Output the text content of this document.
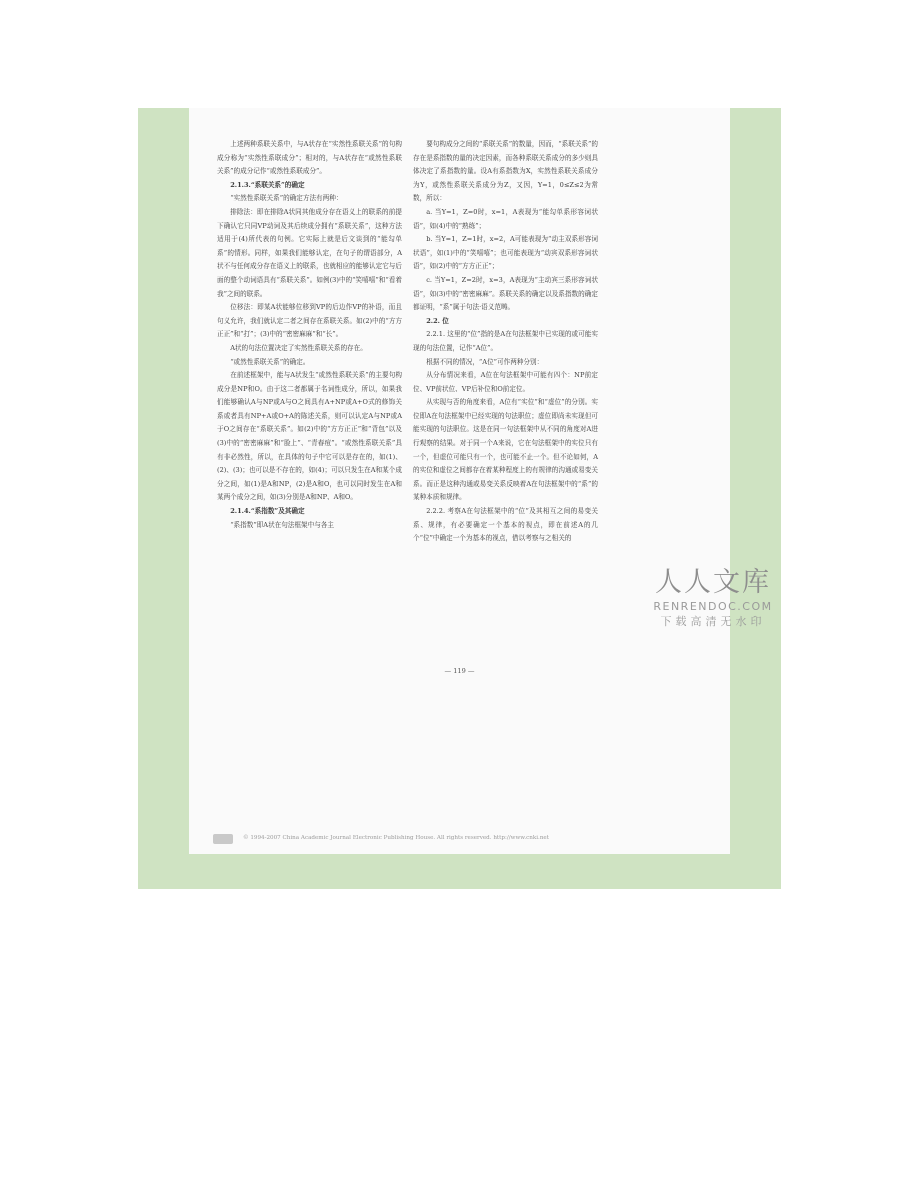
上述两种系联关系中，与A状存在“实然性系联关系”的句构成分称为“实然性系联成分”；相对的，与A状存在“或然性系联关系”的成分记作“或然性系联成分”。

2.1.3.“系联关系”的确定

“实然性系联关系”的确定方法有两种：

排除法：即在排除A状同其他成分存在语义上的联系的前提下确认它只同VP动词及其后续成分拥有“系联关系”，这种方法适用于(4)所代表的句例。它实际上就是后文谈到的“能勾单系”的情形。同样，如果我们能够认定，在句子的谓语部分，A状不与任何成分存在语义上的联系，也就相应的能够认定它与后面的整个动词语具有“系联关系”。如例(3)中的“笑嘻嘻”和“看着我”之间的联系。

位移法：即某A状能够位移到VP的后边作VP的补语，而且句义允许，我们就认定二者之间存在系联关系。如(2)中的“方方正正”和“打”；(3)中的“密密麻麻”和“长”。

A状的句法位置决定了实然性系联关系的存在。

“或然性系联关系”的确定。

在前述框架中，能与A状发生“或然性系联关系”的主要句构成分是NP和O。由于这二者都属于名词性成分，所以，如果我们能够确认A与NP或A与O之间具有A+NP或A+O式的修饰关系或者具有NP+A或O+A的陈述关系，则可以认定A与NP或A于O之间存在“系联关系”。如(2)中的“方方正正”和“背包”以及(3)中的“密密麻麻”和“脸上”、“青春痘”。“或然性系联关系”具有非必然性，所以，在具体的句子中它可以是存在的，如(1)、(2)、(3)；也可以是不存在的，如(4)；可以只发生在A和某个成分之间，如(1)是A和NP，(2)是A和O，也可以同时发生在A和某两个成分之间，如(3)分别是A和NP、A和O。

2.1.4.“系指数”及其确定

“系指数”即A状在句法框架中与各主

要句构成分之间的“系联关系”的数量，因而，“系联关系”的存在是系指数的量的决定因素，而各种系联关系成分的多少则具体决定了系指数的量。设A有系指数为X，实然性系联关系成分为Y，或然性系联关系成分为Z，又因，Y=1，0≤Z≤2为常数，所以：

a. 当Y=1，Z=0时，x=1，A表现为“能勾单系形容词状语”，如(4)中的“熟练”；

b. 当Y=1，Z=1时，x=2，A可能表现为“动主双系形容词状语”，如(1)中的“笑嘻嘻”；也可能表现为“动宾双系形容词状语”，如(2)中的“方方正正”；

c. 当Y=1，Z=2时，x=3，A表现为“主动宾三系形容词状语”，如(3)中的“密密麻麻”。系联关系的确定以及系指数的确定都证明，“系”属于句法·语义范畴。

2.2. 位

2.2.1. 这里的“位”指的是A在句法框架中已实现的或可能实现的句法位置，记作“A位”。

根据不同的情况，“A位”可作两种分别：

从分布情况来看，A位在句法框架中可能有四个：NP前定位、VP前状位、VP后补位和O前定位。

从实现与否的角度来看，A位有“实位”和“虚位”的分别。实位即A在句法框架中已经实现的句法职位；虚位即尚未实现但可能实现的句法职位。这是在同一句法框架中从不同的角度对A进行观察的结果。对于同一个A来说，它在句法框架中的实位只有一个，但虚位可能只有一个，也可能不止一个。但不论如何，A的实位和虚位之间都存在着某种程度上的有规律的沟通或易变关系。而正是这种沟通或易变关系反映着A在句法框架中的“系”的某种本质和规律。

2.2.2. 考察A在句法框架中的“位”及其相互之间的易变关系、规律，有必要确定一个基本的视点，即在前述A的几个“位”中确定一个为基本的视点，借以考察与之相关的

— 119 —
© 1994-2007 China Academic Journal Electronic Publishing House. All rights reserved. http://www.cnki.net
人人文库
RENRENDOC.COM
下载高清无水印
